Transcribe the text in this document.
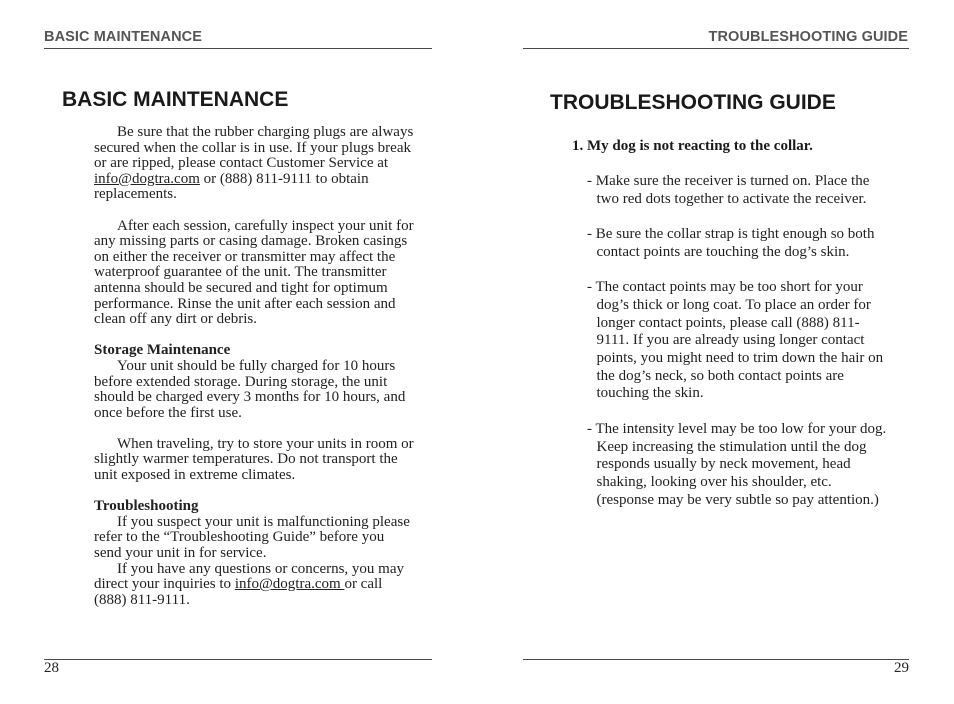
BASIC MAINTENANCE
BASIC MAINTENANCE

Be sure that the rubber charging plugs are always secured when the collar is in use. If your plugs break or are ripped, please contact Customer Service at info@dogtra.com or (888) 811-9111 to obtain replacements.

After each session, carefully inspect your unit for any missing parts or casing damage. Broken casings on either the receiver or transmitter may affect the waterproof guarantee of the unit. The transmitter antenna should be secured and tight for optimum performance. Rinse the unit after each session and clean off any dirt or debris.

Storage Maintenance

Your unit should be fully charged for 10 hours before extended storage. During storage, the unit should be charged every 3 months for 10 hours, and once before the first use.

When traveling, try to store your units in room or slightly warmer temperatures. Do not transport the unit exposed in extreme climates.

Troubleshooting

If you suspect your unit is malfunctioning please refer to the “Troubleshooting Guide” before you send your unit in for service.

If you have any questions or concerns, you may direct your inquiries to info@dogtra.com or call (888) 811-9111.

28
TROUBLESHOOTING GUIDE
TROUBLESHOOTING GUIDE
1. My dog is not reacting to the collar.

- Make sure the receiver is turned on. Place the two red dots together to activate the receiver.

- Be sure the collar strap is tight enough so both contact points are touching the dog’s skin.

- The contact points may be too short for your dog’s thick or long coat. To place an order for longer contact points, please call (888) 811-9111. If you are already using longer contact points, you might need to trim down the hair on the dog’s neck, so both contact points are touching the skin.

- The intensity level may be too low for your dog. Keep increasing the stimulation until the dog responds usually by neck movement, head shaking, looking over his shoulder, etc. (response may be very subtle so pay attention.)

29
